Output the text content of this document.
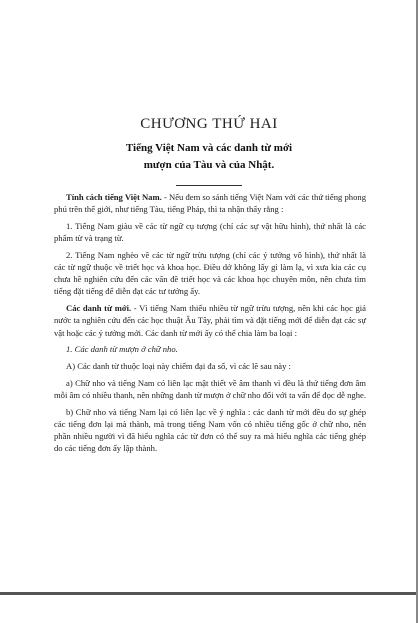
CHƯƠNG THỨ HAI
Tiếng Việt Nam và các danh từ mới
mượn của Tàu và của Nhật.

Tính cách tiếng Việt Nam. - Nếu đem so sánh tiếng Việt Nam với các thứ tiếng phong phú trên thế giới, như tiếng Tàu, tiếng Pháp, thì ta nhận thấy rằng :

1. Tiếng Nam giàu về các từ ngữ cụ tượng (chỉ các sự vật hữu hình), thứ nhất là các phẩm từ và trạng từ.

2. Tiếng Nam nghèo về các từ ngữ trừu tượng (chỉ các ý tưởng vô hình), thứ nhất là các từ ngữ thuộc về triết học và khoa học. Điều dở không lấy gì làm lạ, vì xưa kia các cụ chưa hề nghiên cứu đến các vấn đề triết học và các khoa học chuyên môn, nên chưa tìm tiếng đặt tiếng để diễn đạt các tư tưởng ấy.

Các danh từ mới. - Vì tiếng Nam thiếu nhiều từ ngữ trừu tượng, nên khi các học giả nước ta nghiên cứu đến các học thuật Âu Tây, phải tìm và đặt tiếng mới để diễn đạt các sự vật hoặc các ý tưởng mới. Các danh từ mới ấy có thể chia làm ba loại :

1. Các danh từ mượn ở chữ nho.

A) Các danh từ thuộc loại này chiếm đại đa số, vì các lẽ sau này :

a) Chữ nho và tiếng Nam có liên lạc mật thiết về âm thanh vì đều là thứ tiếng đơn âm mỗi âm có nhiều thanh, nên những danh từ mượn ở chữ nho đối với ta vấn để đọc dễ nghe.

b) Chữ nho và tiếng Nam lại có liên lạc về ý nghĩa : các danh từ mới đều do sự ghép các tiếng đơn lại mà thành, mà trong tiếng Nam vốn có nhiều tiếng gốc ở chữ nho, nên phần nhiều người vì đã hiểu nghĩa các từ đơn có thể suy ra mà hiểu nghĩa các tiếng ghép do các tiếng đơn ấy lập thành.
